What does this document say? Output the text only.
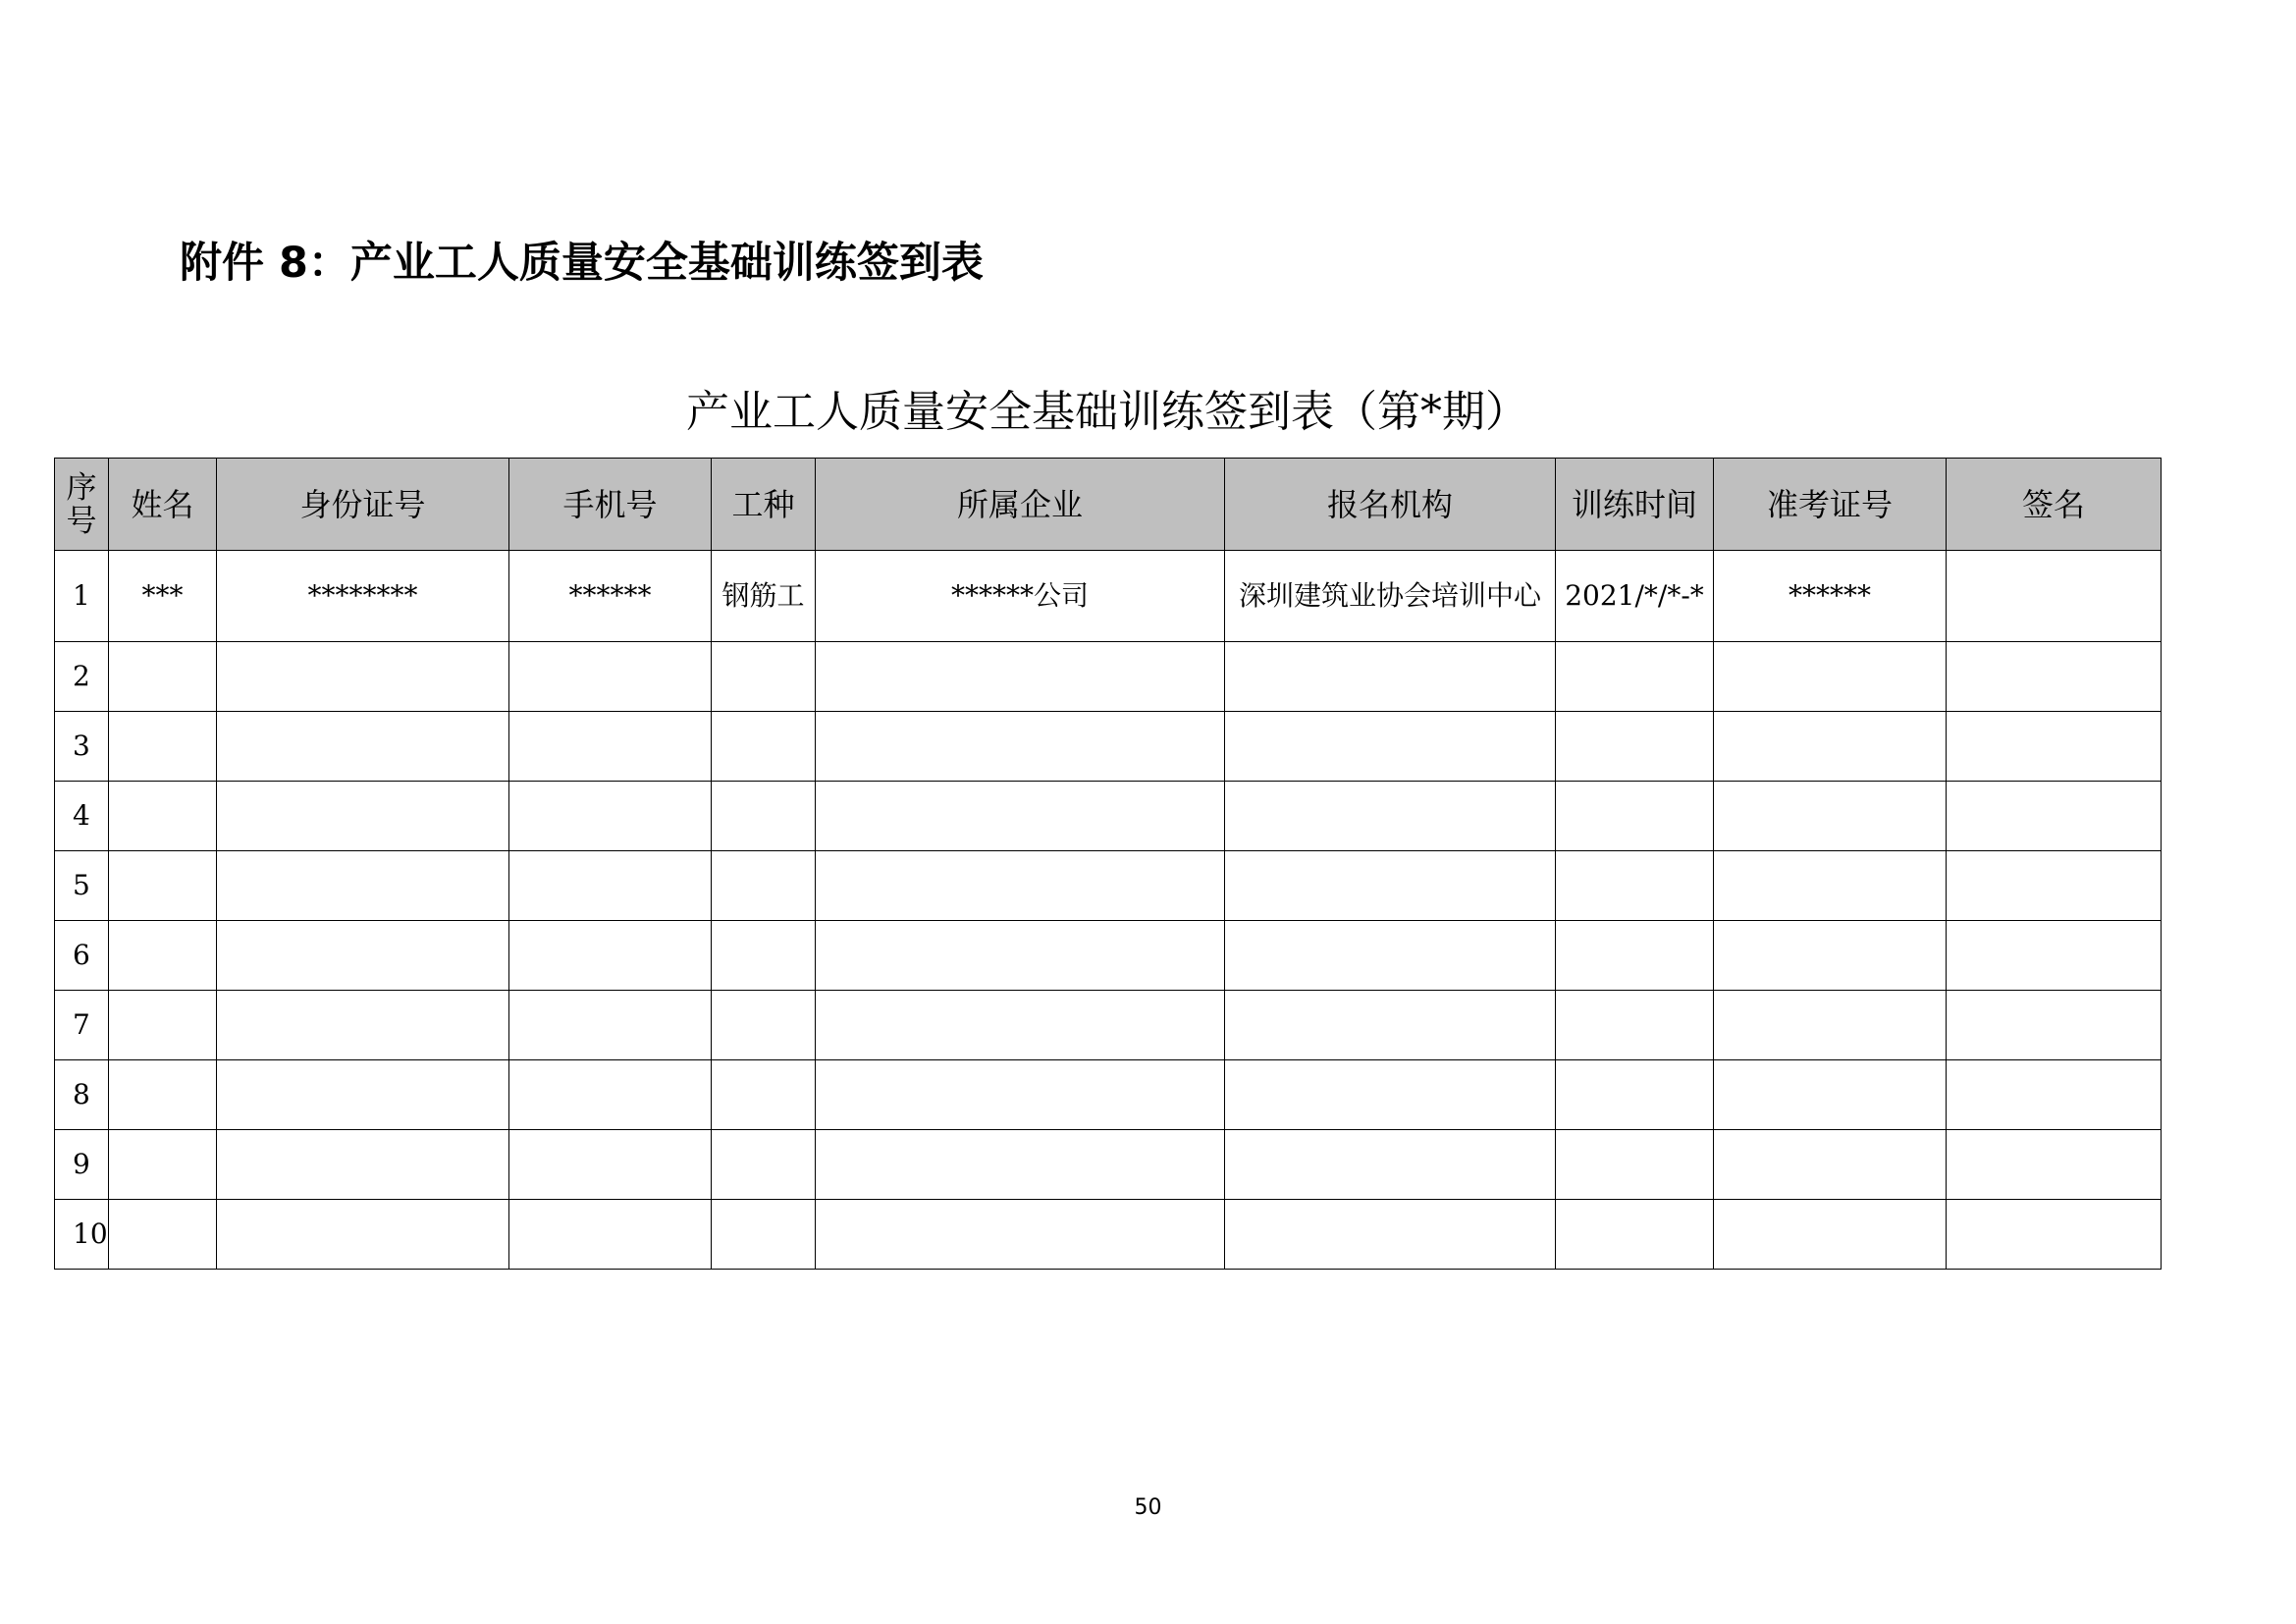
附件 8：产业工人质量安全基础训练签到表
产业工人质量安全基础训练签到表（第*期）
序号	姓名	身份证号	手机号	工种	所属企业	报名机构	训练时间	准考证号	签名
1	***	********	******	钢筋工	******公司	深圳建筑业协会培训中心	2021/*/*-*	******	
2									
3									
4									
5									
6									
7									
8									
9									
10									
50
